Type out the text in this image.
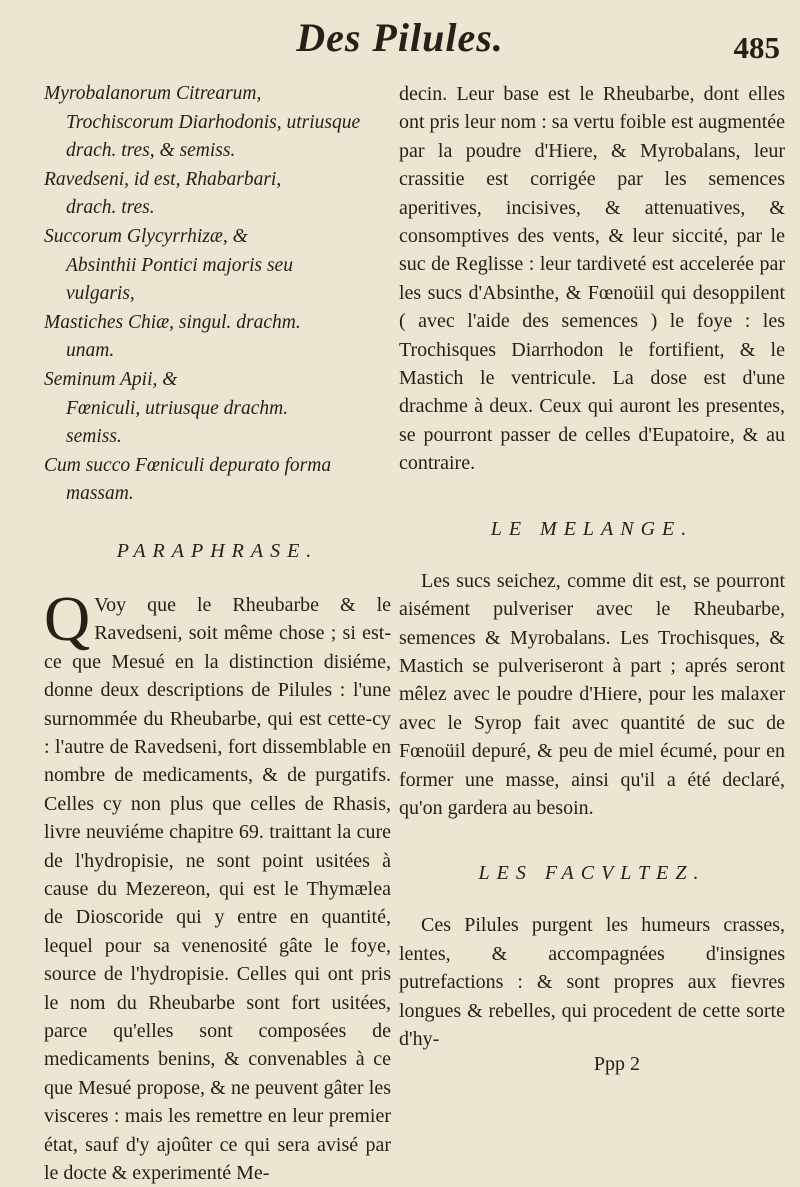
Des Pilules.	485

Myrobalanorum Citrearum,

Trochiscorum Diarhodonis, utriusque

drach. tres, & semiss.

Ravedseni, id est, Rhabarbari,

drach. tres.

Succorum Glycyrrhizæ, &

Absinthii Pontici majoris seu

vulgaris,

Mastiches Chiæ, singul. drachm.

unam.

Seminum Apii, &

Fœniculi, utriusque drachm.

semiss.

Cum succo Fœniculi depurato forma

massam.

PARAPHRASE.

Q Voy que le Rheubarbe & le Ravedseni, soit même chose ; si est-ce que Mesué en la distinction disiéme, donne deux descriptions de Pilules : l'une surnommée du Rheubarbe, qui est cette-cy : l'autre de Ravedseni, fort dissemblable en nombre de medicaments, & de purgatifs. Celles cy non plus que celles de Rhasis, livre neuviéme chapitre 69. traittant la cure de l'hydropisie, ne sont point usitées à cause du Mezereon, qui est le Thymælea de Dioscoride qui y entre en quantité, lequel pour sa venenosité gâte le foye, source de l'hydropisie. Celles qui ont pris le nom du Rheubarbe sont fort usitées, parce qu'elles sont composées de medicaments benins, & convenables à ce que Mesué propose, & ne peuvent gâter les visceres : mais les remettre en leur premier état, sauf d'y ajoûter ce qui sera avisé par le docte & experimenté Me-

decin. Leur base est le Rheubarbe, dont elles ont pris leur nom : sa vertu foible est augmentée par la poudre d'Hiere, & Myrobalans, leur crassitie est corrigée par les semences aperitives, incisives, & attenuatives, & consomptives des vents, & leur siccité, par le suc de Reglisse : leur tardiveté est accelerée par les sucs d'Absinthe, & Fœnoüil qui desoppilent ( avec l'aide des semences ) le foye : les Trochisques Diarrhodon le fortifient, & le Mastich le ventricule. La dose est d'une drachme à deux. Ceux qui auront les presentes, se pourront passer de celles d'Eupatoire, & au contraire.

LE MELANGE.

Les sucs seichez, comme dit est, se pourront aisément pulveriser avec le Rheubarbe, semences & Myrobalans. Les Trochisques, & Mastich se pulveriseront à part ; aprés seront mêlez avec le poudre d'Hiere, pour les malaxer avec le Syrop fait avec quantité de suc de Fœnoüil depuré, & peu de miel écumé, pour en former une masse, ainsi qu'il a été declaré, qu'on gardera au besoin.

LES FACVLTEZ.

Ces Pilules purgent les humeurs crasses, lentes, & accompagnées d'insignes putrefactions : & sont propres aux fievres longues & rebelles, qui procedent de cette sorte d'hy-

Ppp 2
